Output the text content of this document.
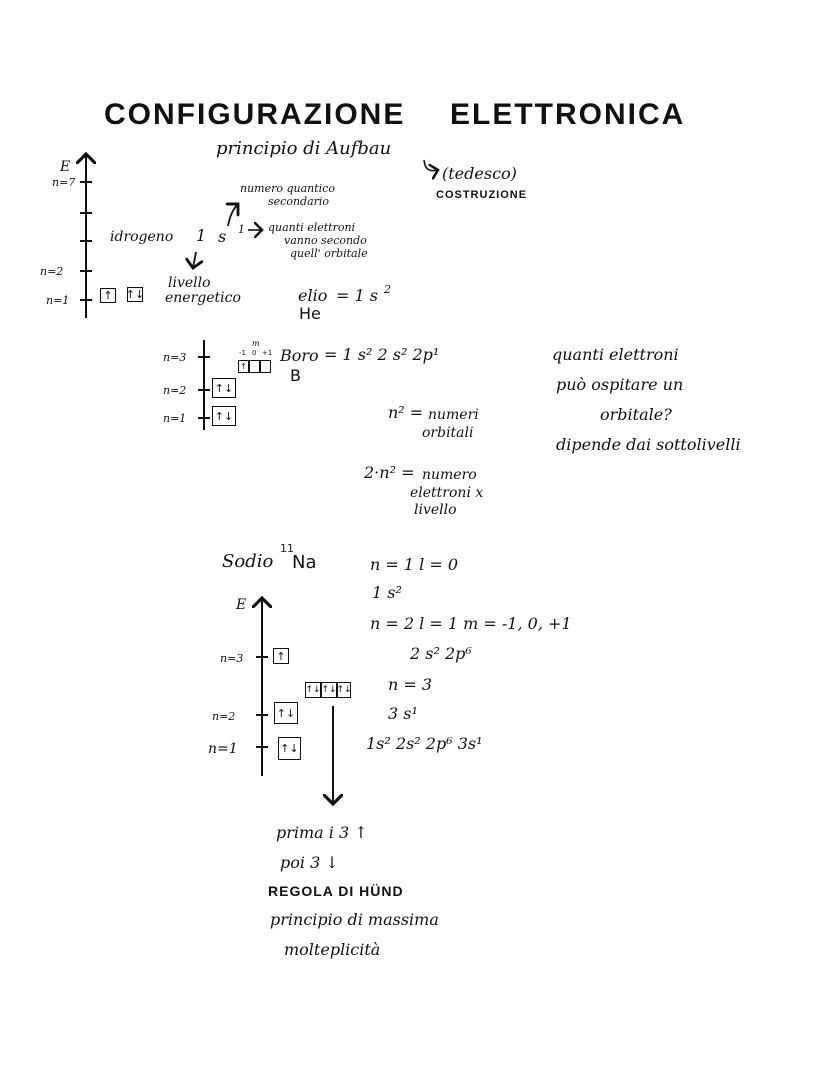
CONFIGURAZIONE ELETTRONICA
principio di Aufbau
(tedesco)
COSTRUZIONE
E
n=7
n=2
n=1	↑	↑↓
numero quantico
secondario
idrogeno 1 s 1 quanti elettroni
vanno secondo
quell' orbitale
livello
energetico	elio = 1 s 2
He
n=3
n=2
n=1
↑↓
↑↓
m
-1 0 +1
↑
Boro = 1 s² 2 s² 2p¹
B
quanti elettroni
può ospitare un
orbitale?
dipende dai sottolivelli
n² = numeri
orbitali
2·n² = numero
elettroni x
livello
Sodio
11
Na
E
n=3
n=2
n=1
↑
↑↓
↑↓
↑↓ ↑↓ ↑↓
n = 1 l = 0
1 s²
n = 2 l = 1 m = -1, 0, +1
2 s² 2p⁶
n = 3
3 s¹
1s² 2s² 2p⁶ 3s¹
prima i 3 ↑
poi 3 ↓
REGOLA DI HÜND
principio di massima
molteplicità
